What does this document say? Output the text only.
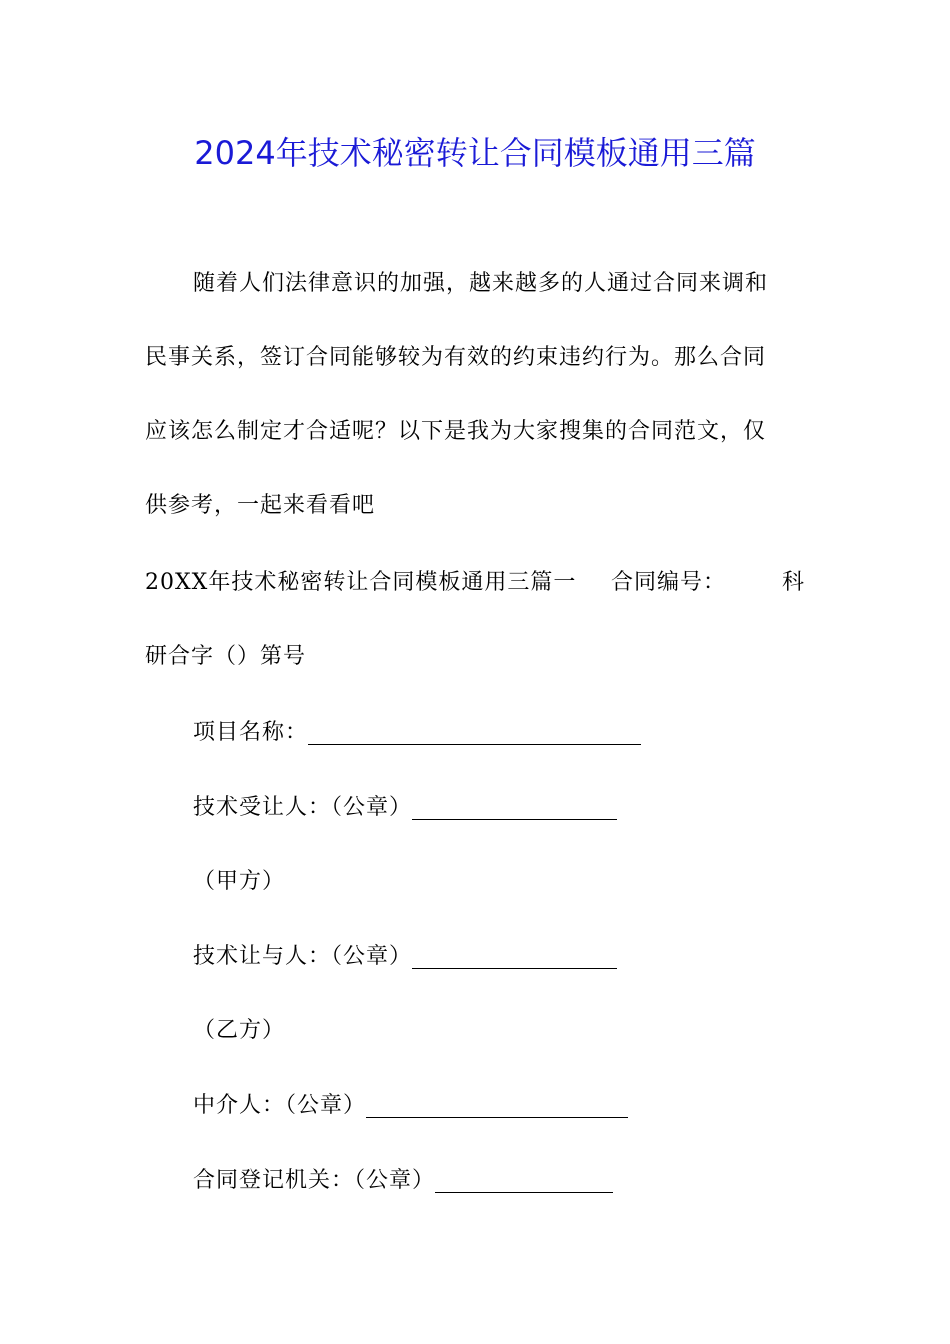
2024年技术秘密转让合同模板通用三篇
随着人们法律意识的加强，越来越多的人通过合同来调和
民事关系，签订合同能够较为有效的约束违约行为。那么合同
应该怎么制定才合适呢？以下是我为大家搜集的合同范文，仅
供参考，一起来看看吧
20XX年技术秘密转让合同模板通用三篇一 合同编号：	科
研合字（）第号
项目名称：
技术受让人：（公章）
（甲方）
技术让与人：（公章）
（乙方）
中介人：（公章）
合同登记机关：（公章）
